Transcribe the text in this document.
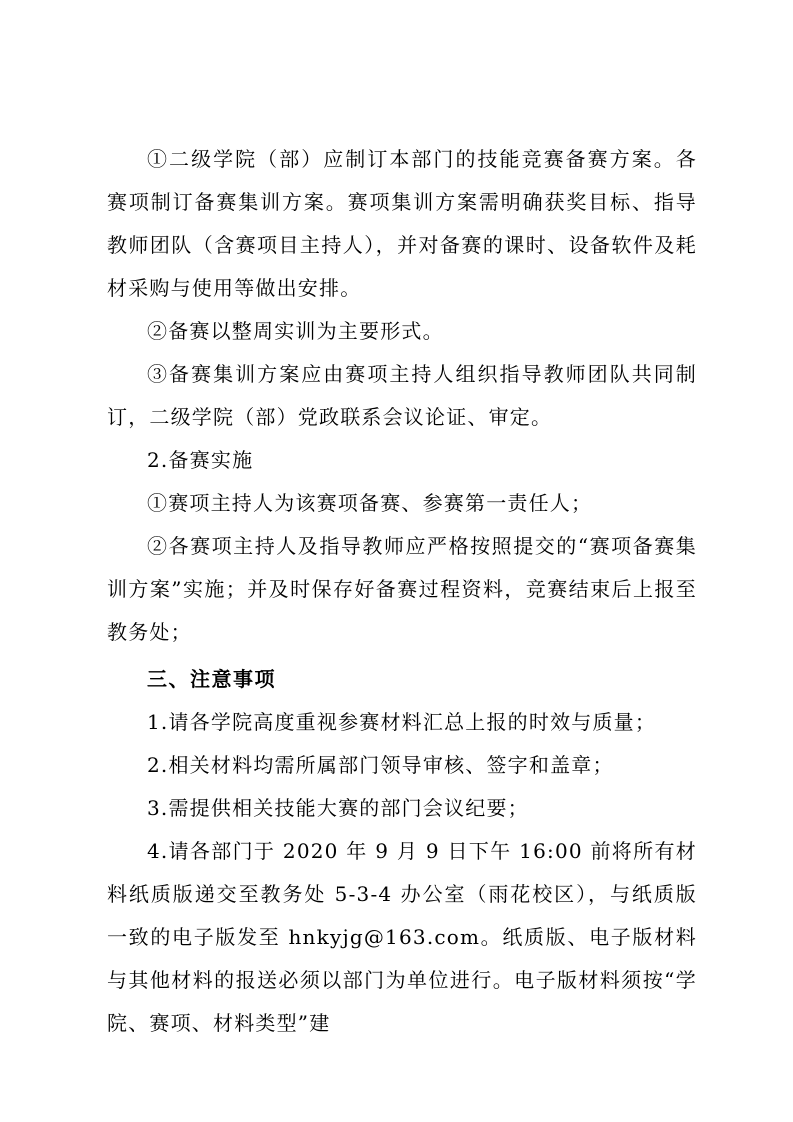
①二级学院（部）应制订本部门的技能竞赛备赛方案。各赛项制订备赛集训方案。赛项集训方案需明确获奖目标、指导教师团队（含赛项目主持人），并对备赛的课时、设备软件及耗材采购与使用等做出安排。

②备赛以整周实训为主要形式。

③备赛集训方案应由赛项主持人组织指导教师团队共同制订，二级学院（部）党政联系会议论证、审定。

2.备赛实施

①赛项主持人为该赛项备赛、参赛第一责任人；

②各赛项主持人及指导教师应严格按照提交的“赛项备赛集训方案”实施；并及时保存好备赛过程资料，竞赛结束后上报至教务处；

三、注意事项

1.请各学院高度重视参赛材料汇总上报的时效与质量；

2.相关材料均需所属部门领导审核、签字和盖章；

3.需提供相关技能大赛的部门会议纪要；

4.请各部门于 2020 年 9 月 9 日下午 16:00 前将所有材料纸质版递交至教务处 5-3-4 办公室（雨花校区），与纸质版一致的电子版发至 hnkyjg@163.com。纸质版、电子版材料与其他材料的报送必须以部门为单位进行。电子版材料须按“学院、赛项、材料类型”建
